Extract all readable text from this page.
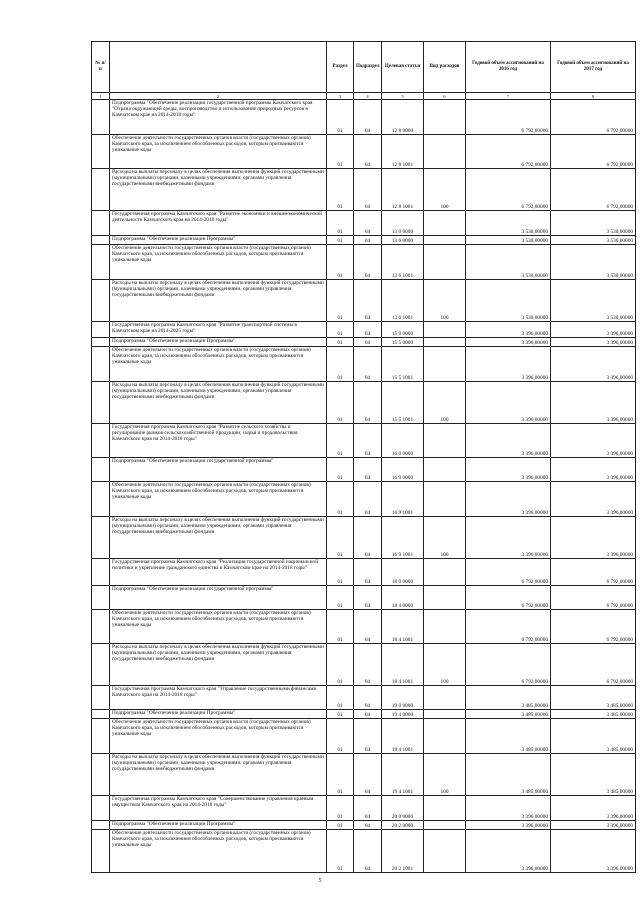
№ п/п		Раздел	Подраздел	Целевая статья	Вид расходов	Годовой объем ассигнований на 2016 год	Годовой объем ассигнований на 2017 год
1	2	3	4	5	6	7	8
	Подпрограмма "Обеспечение реализации государственной программы Камчатского края "Охрана окружающей среды, воспроизводство и использование природных ресурсов в Камчатском крае на 2014-2018 годы"	01	04	12 8 0000		6 792,00000	6 792,00000
	Обеспечение деятельности государственных органов власти (государственных органов) Камчатского края, за исключением обособленных расходов, которым присваиваются уникальные коды	01	04	12 8 1001		6 792,00000	6 792,00000
	Расходы на выплаты персоналу в целях обеспечения выполнения функций государственными (муниципальными) органами, казенными учреждениями, органами управления государственными внебюджетными фондами	01	04	12 8 1001	100	6 792,00000	6 792,00000
	Государственная программа Камчатского края "Развитие экономики и внешнеэкономической деятельности Камчатского края на 2014-2018 годы"	01	04	13 0 0000		3 530,00000	3 530,00000
	Подпрограмма "Обеспечение реализации Программы"	01	04	13 6 0000		3 530,00000	3 530,00000
	Обеспечение деятельности государственных органов власти (государственных органов) Камчатского края, за исключением обособленных расходов, которым присваиваются уникальные коды	01	04	13 6 1001		3 530,00000	3 530,00000
	Расходы на выплаты персоналу в целях обеспечения выполнения функций государственными (муниципальными) органами, казенными учреждениями, органами управления государственными внебюджетными фондами	01	04	13 6 1001	100	3 530,00000	3 530,00000
	Государственная программа Камчатского края "Развитие транспортной системы в Камчатском крае на 2014-2025 годы"	01	04	15 0 0000		3 396,00000	3 396,00000
	Подпрограмма "Обеспечение реализации Программы"	01	04	15 5 0000		3 396,00000	3 396,00000
	Обеспечение деятельности государственных органов власти (государственных органов) Камчатского края, за исключением обособленных расходов, которым присваиваются уникальные коды	01	04	15 5 1001		3 396,00000	3 396,00000
	Расходы на выплаты персоналу в целях обеспечения выполнения функций государственными (муниципальными) органами, казенными учреждениями, органами управления государственными внебюджетными фондами	01	04	15 5 1001	100	3 396,00000	3 396,00000
	Государственная программа Камчатского края "Развитие сельского хозяйства и регулирование рынков сельскохозяйственной продукции, сырья и продовольствия Камчатского края на 2014-2018 годы"	01	04	16 0 0000		3 396,00000	3 396,00000
	Подпрограмма "Обеспечение реализации государственной программы"	01	04	16 9 0000		3 396,00000	3 396,00000
	Обеспечение деятельности государственных органов власти (государственных органов) Камчатского края, за исключением обособленных расходов, которым присваиваются уникальные коды	01	04	16 9 1001		3 396,00000	3 396,00000
	Расходы на выплаты персоналу в целях обеспечения выполнения функций государственными (муниципальными) органами, казенными учреждениями, органами управления государственными внебюджетными фондами	01	04	16 9 1001	100	3 396,00000	3 396,00000
	Государственная программа Камчатского края "Реализация государственной национальной политики и укрепление гражданского единства в Камчатском крае на 2014-2018 годы"	01	04	18 0 0000		6 792,00000	6 792,00000
	Подпрограмма "Обеспечение реализации государственной программы"	01	04	18 4 0000		6 792,00000	6 792,00000
	Обеспечение деятельности государственных органов власти (государственных органов) Камчатского края, за исключением обособленных расходов, которым присваиваются уникальные коды	01	04	18 4 1001		6 792,00000	6 792,00000
	Расходы на выплаты персоналу в целях обеспечения выполнения функций государственными (муниципальными) органами, казенными учреждениями, органами управления государственными внебюджетными фондами	01	04	18 4 1001	100	6 792,00000	6 792,00000
	Государственная программа Камчатского края "Управление государственными финансами Камчатского края на 2014-2018 годы"	01	04	19 0 0000		3 485,00000	3 485,00000
	Подпрограмма "Обеспечение реализации Программы"	01	04	19 4 0000		3 485,00000	3 485,00000
	Обеспечение деятельности государственных органов власти (государственных органов) Камчатского края, за исключением обособленных расходов, которым присваиваются уникальные коды	01	04	19 4 1001		3 485,00000	3 485,00000
	Расходы на выплаты персоналу в целях обеспечения выполнения функций государственными (муниципальными) органами, казенными учреждениями, органами управления государственными внебюджетными фондами	01	04	19 4 1001	100	3 485,00000	3 485,00000
	Государственная программа Камчатского края "Совершенствование управления краевым имуществом Камчатского края на 2014-2018 годы"	01	04	20 0 0000		3 396,00000	3 396,00000
	Подпрограмма "Обеспечение реализации Программы"	01	04	20 2 0000		3 396,00000	3 396,00000
	Обеспечение деятельности государственных органов власти (государственных органов) Камчатского края, за исключением обособленных расходов, которым присваиваются уникальные коды	01	04	20 2 1001		3 396,00000	3 396,00000
5
